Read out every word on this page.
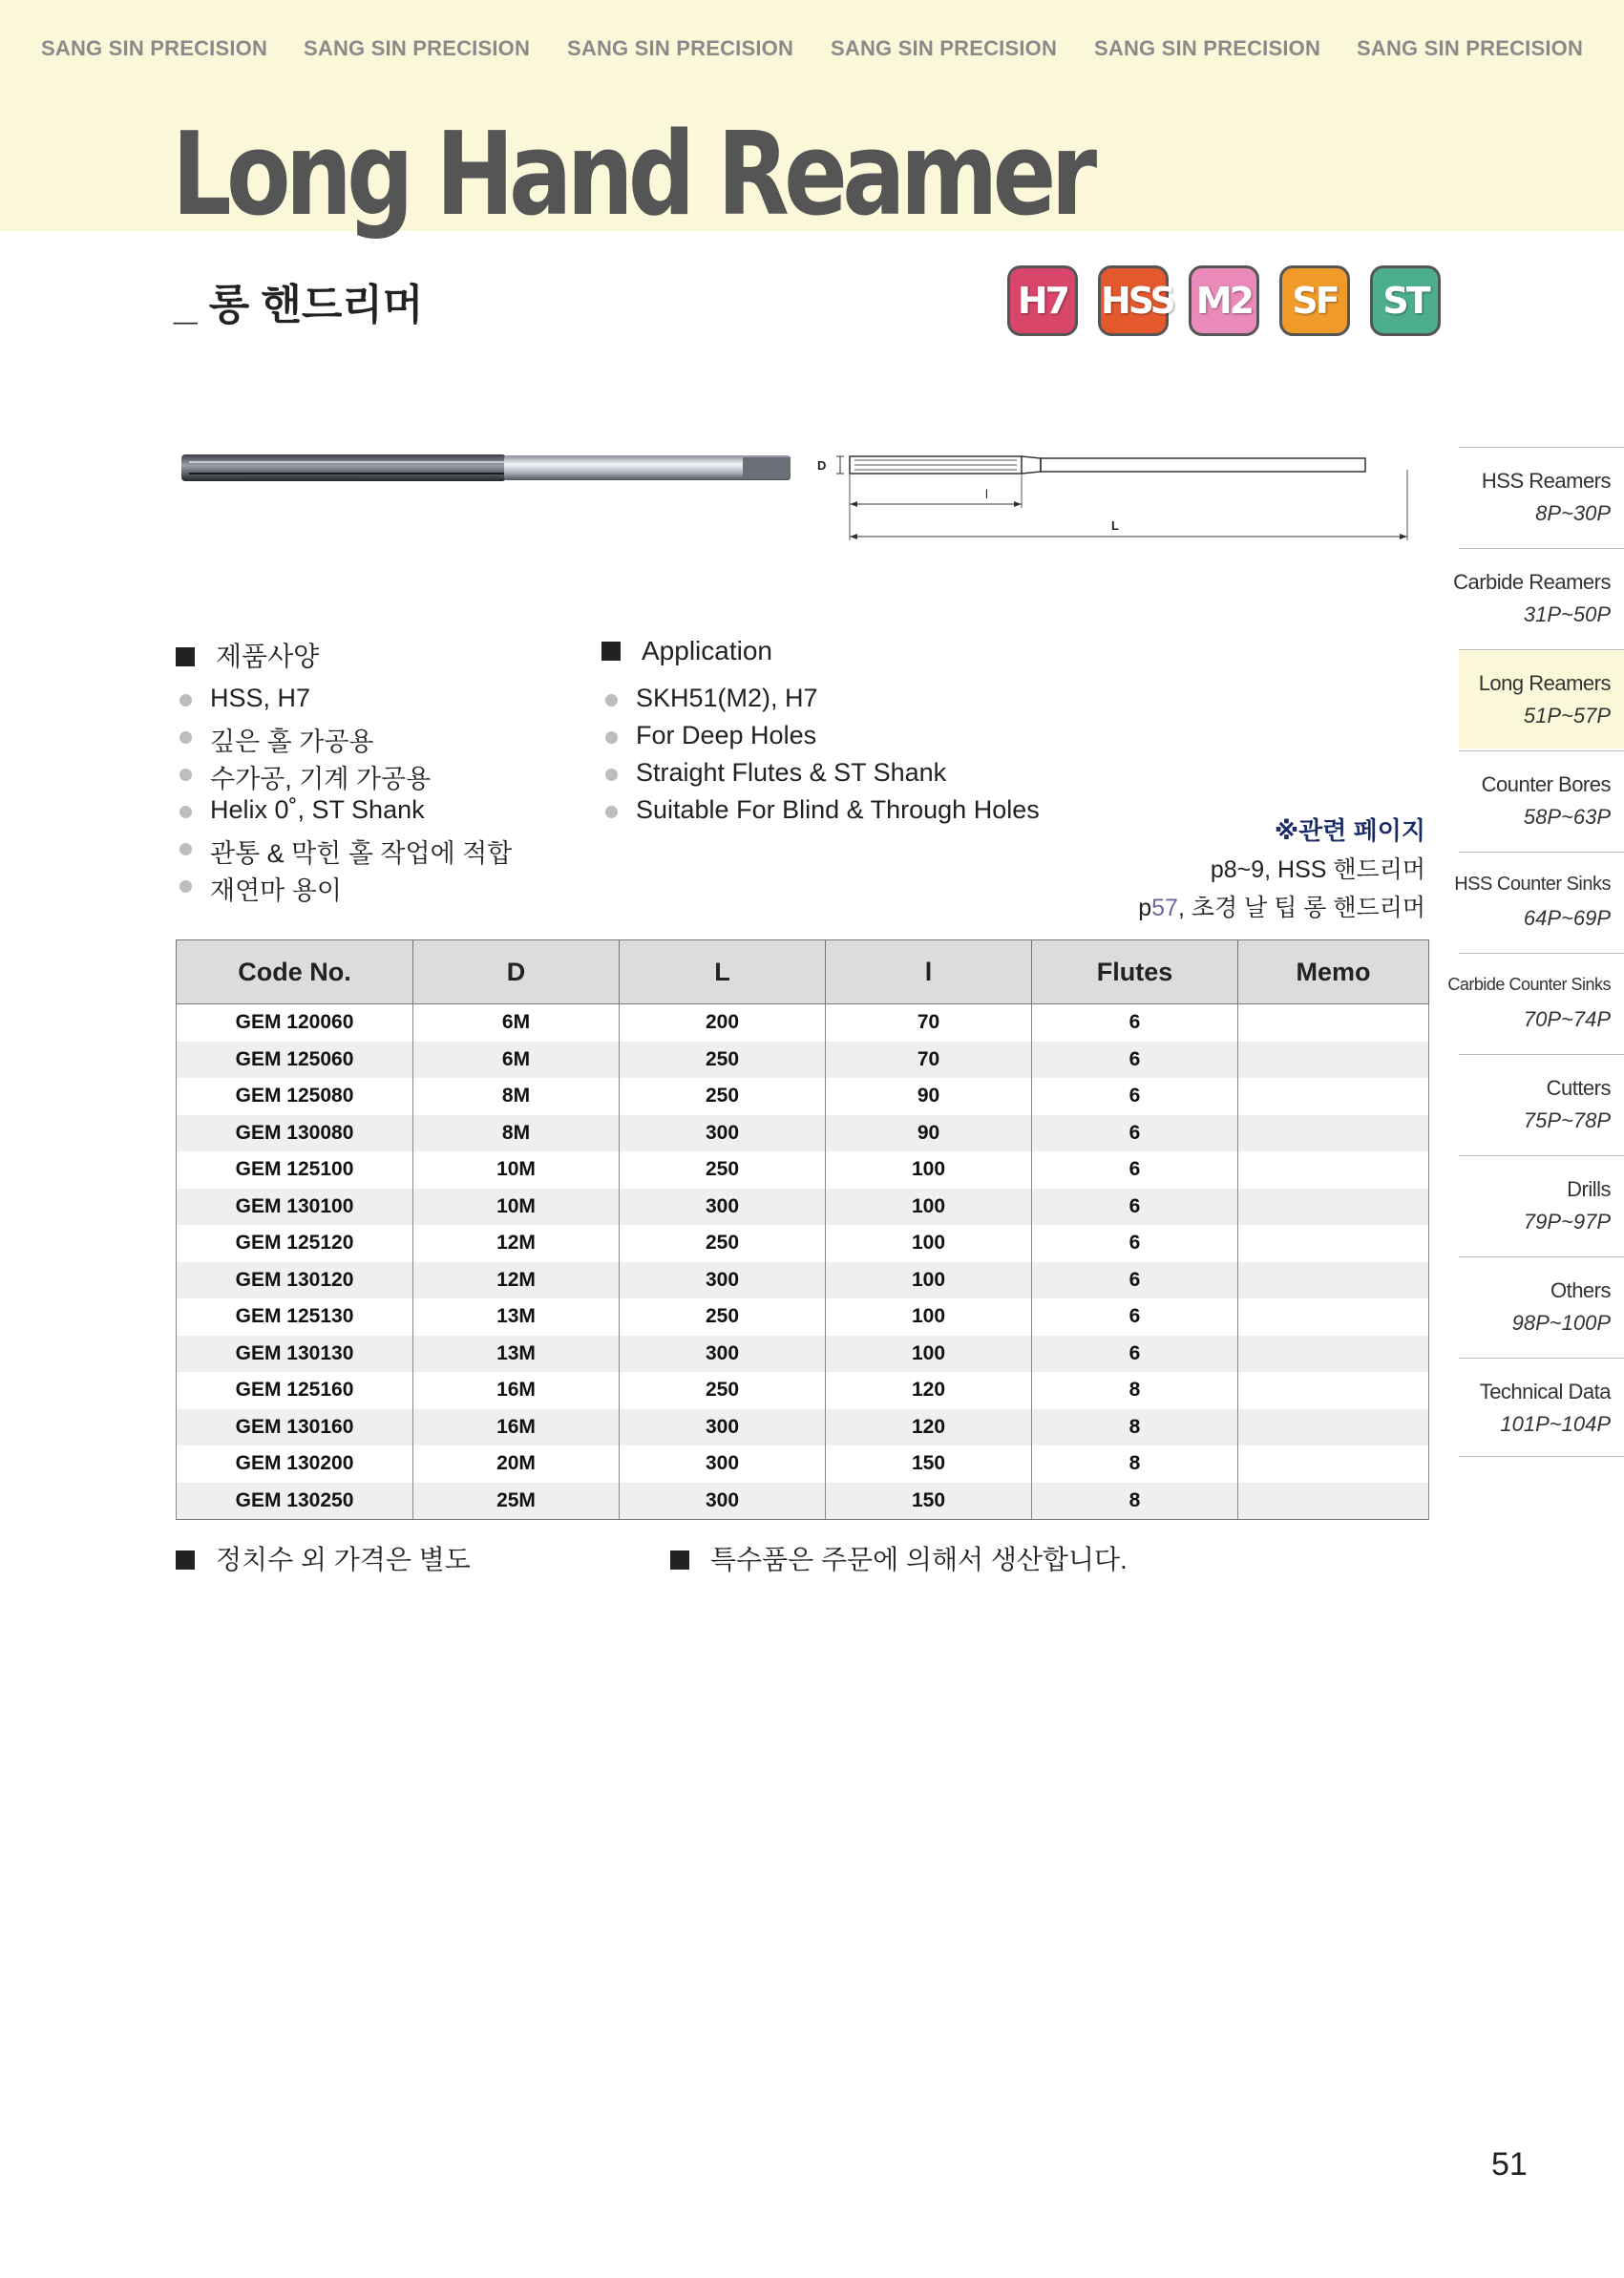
SANG SIN PRECISION SANG SIN PRECISION SANG SIN PRECISION SANG SIN PRECISION SANG SIN PRECISION SANG SIN PRECISION
Long Hand Reamer
_ 롱 핸드리머	H7 HSS M2	SF	ST
D
l
L
HSS Reamers
8P~30P
Carbide Reamers
31P~50P
Long Reamers
51P~57P
Counter Bores
58P~63P
HSS Counter Sinks
64P~69P
Carbide Counter Sinks
70P~74P
Cutters
75P~78P
Drills
79P~97P
Others
98P~100P
Technical Data
101P~104P
제품사양
HSS, H7
깊은 홀 가공용
수가공, 기계 가공용
Helix 0˚, ST Shank
관통 & 막힌 홀 작업에 적합
재연마 용이
Application
SKH51(M2), H7
For Deep Holes
Straight Flutes & ST Shank
Suitable For Blind & Through Holes
※관련 페이지
p8~9, HSS 핸드리머
p57, 초경 날 팁 롱 핸드리머
Code No.	D	L	l	Flutes	Memo
GEM 120060	6M	200	70	6	
GEM 125060	6M	250	70	6	
GEM 125080	8M	250	90	6	
GEM 130080	8M	300	90	6	
GEM 125100	10M	250	100	6	
GEM 130100	10M	300	100	6	
GEM 125120	12M	250	100	6	
GEM 130120	12M	300	100	6	
GEM 125130	13M	250	100	6	
GEM 130130	13M	300	100	6	
GEM 125160	16M	250	120	8	
GEM 130160	16M	300	120	8	
GEM 130200	20M	300	150	8	
GEM 130250	25M	300	150	8	
정치수 외 가격은 별도	특수품은 주문에 의해서 생산합니다.
51
